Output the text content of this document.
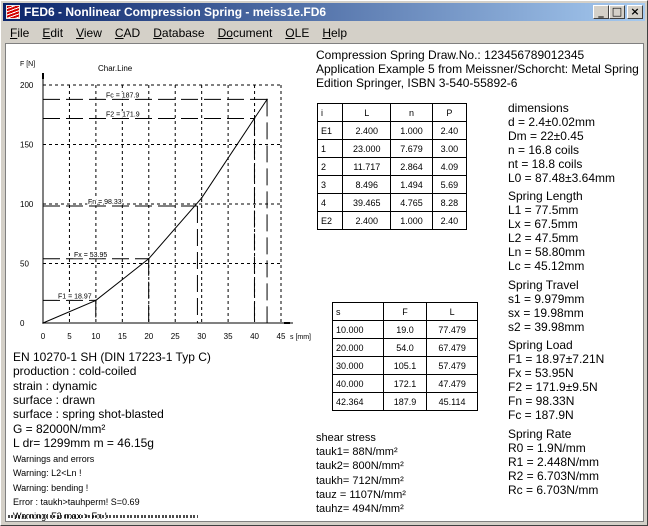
FED6 - Nonlinear Compression Spring - meiss1e.FD6	_ □ ×
File	Edit	View	CAD	Database	Document	OLE	Help
0	5 10 15 20 25 30 35 40 45
0
50
100
150
200
s [mm]
F [N]	Char.Line
F1 = 18.97
Fx = 53.95
Fn = 98.33
F2 = 171.9
Fc = 187.9
Compression Spring Draw.No.: 123456789012345
Application Example 5 from Meissner/Schorcht: Metal Spring
Edition Springer, ISBN 3-540-55892-6
i	L	n	P
E1	2.400	1.000	2.40
1	23.000	7.679	3.00
2	11.717	2.864	4.09
3	8.496	1.494	5.69
4	39.465	4.765	8.28
E2	2.400	1.000	2.40
s	F	L
10.000	19.0	77.479
20.000	54.0	67.479
30.000	105.1	57.479
40.000	172.1	47.479
42.364	187.9	45.114
dimensions
d = 2.4±0.02mm
Dm = 22±0.45
n = 16.8 coils
nt = 18.8 coils
L0 = 87.48±3.64mm
Spring Length
L1 = 77.5mm
Lx = 67.5mm
L2 = 47.5mm
Ln = 58.80mm
Lc = 45.12mm
Spring Travel
s1 = 9.979mm
sx = 19.98mm
s2 = 39.98mm
Spring Load
F1 = 18.97±7.21N
Fx = 53.95N
F2 = 171.9±9.5N
Fn = 98.33N
Fc = 187.9N
Spring Rate
R0 = 1.9N/mm
R1 = 2.448N/mm
R2 = 6.703N/mm
Rc = 6.703N/mm
EN 10270-1 SH (DIN 17223-1 Typ C)
production : cold-coiled
strain : dynamic
surface : drawn
surface : spring shot-blasted
G = 82000N/mm²
L dr= 1299mm m = 46.15g
Warnings and errors
Warning: L2<Ln !
Warning: bending !
Error : taukh>tauhperm! S=0.69
shear stress
tauk1= 88N/mm²
tauk2= 800N/mm²
taukh= 712N/mm²
tauz = 1107N/mm²
tauhz= 494N/mm²
